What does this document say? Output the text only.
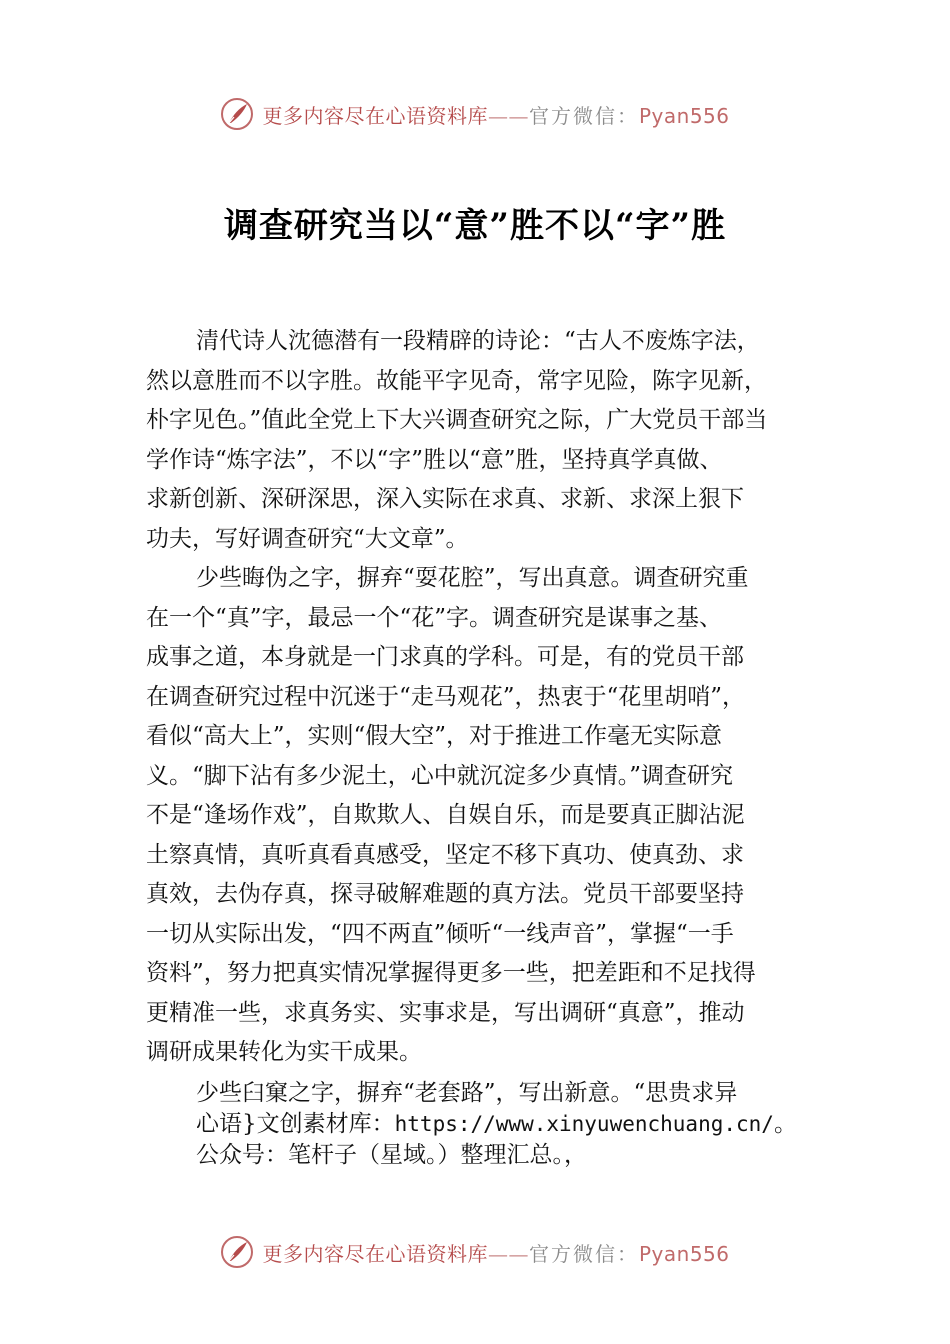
更多内容尽在心语资料库——官方微信：Pyan556
调查研究当以“意”胜不以“字”胜
清代诗人沈德潜有一段精辟的诗论：“古人不废炼字法，
然以意胜而不以字胜。故能平字见奇，常字见险，陈字见新，
朴字见色。”值此全党上下大兴调查研究之际，广大党员干部当
学作诗“炼字法”，不以“字”胜以“意”胜，坚持真学真做、
求新创新、深研深思，深入实际在求真、求新、求深上狠下
功夫，写好调查研究“大文章”。
少些晦伪之字，摒弃“耍花腔”，写出真意。调查研究重
在一个“真”字，最忌一个“花”字。调查研究是谋事之基、
成事之道，本身就是一门求真的学科。可是，有的党员干部
在调查研究过程中沉迷于“走马观花”，热衷于“花里胡哨”，
看似“高大上”，实则“假大空”，对于推进工作毫无实际意
义。“脚下沾有多少泥土，心中就沉淀多少真情。”调查研究
不是“逢场作戏”，自欺欺人、自娱自乐，而是要真正脚沾泥
土察真情，真听真看真感受，坚定不移下真功、使真劲、求
真效，去伪存真，探寻破解难题的真方法。党员干部要坚持
一切从实际出发，“四不两直”倾听“一线声音”，掌握“一手
资料”，努力把真实情况掌握得更多一些，把差距和不足找得
更精准一些，求真务实、实事求是，写出调研“真意”，推动
调研成果转化为实干成果。
少些臼窠之字，摒弃“老套路”，写出新意。“思贵求异
心语}文创素材库：https://www.xinyuwenchuang.cn/。
公众号：笔杆子（星域。）整理汇总。，
更多内容尽在心语资料库——官方微信：Pyan556
